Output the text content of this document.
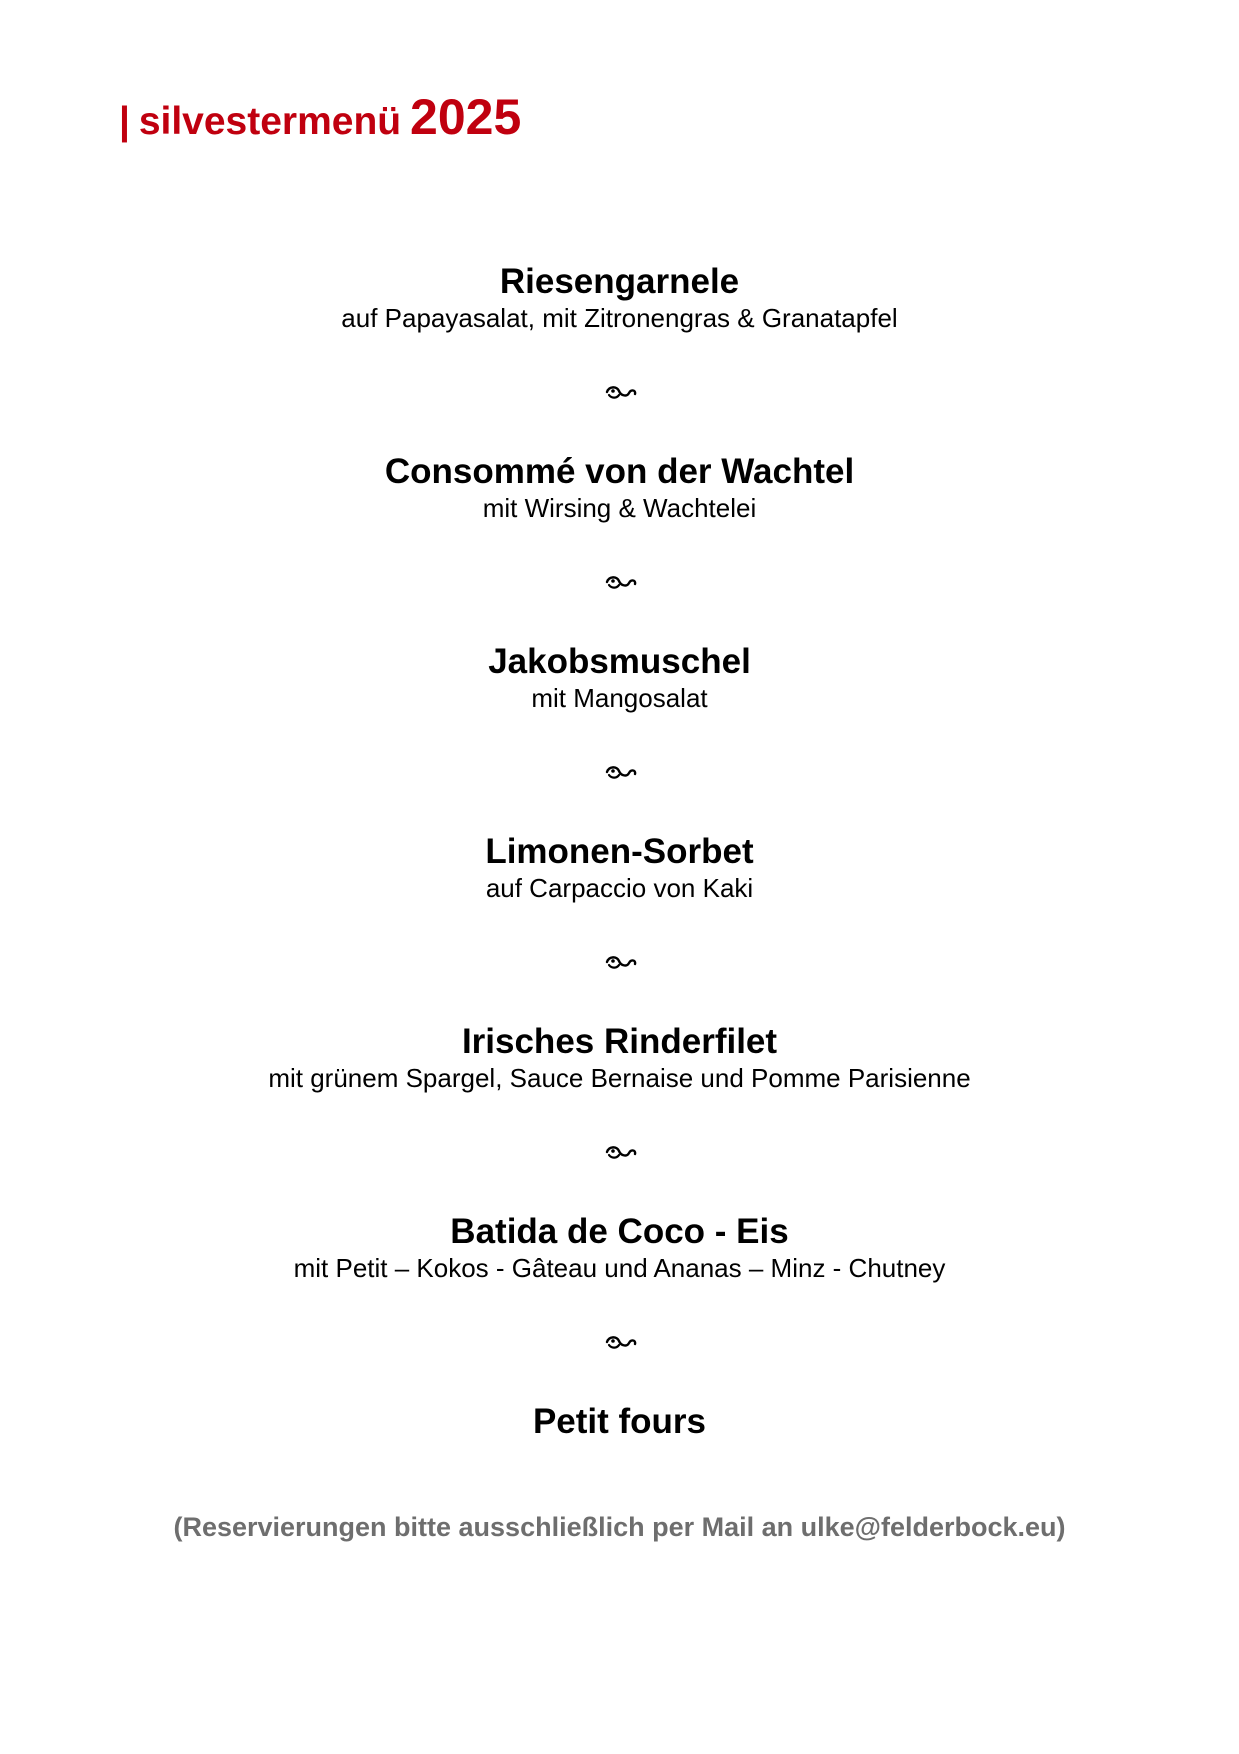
| silvestermenü 2025

Riesengarnele

auf Papayasalat, mit Zitronengras & Granatapfel

Consommé von der Wachtel

mit Wirsing & Wachtelei

Jakobsmuschel

mit Mangosalat

Limonen-Sorbet

auf Carpaccio von Kaki

Irisches Rinderfilet

mit grünem Spargel, Sauce Bernaise und Pomme Parisienne

Batida de Coco - Eis

mit Petit – Kokos - Gâteau und Ananas – Minz - Chutney

Petit fours

(Reservierungen bitte ausschließlich per Mail an ulke@felderbock.eu)
